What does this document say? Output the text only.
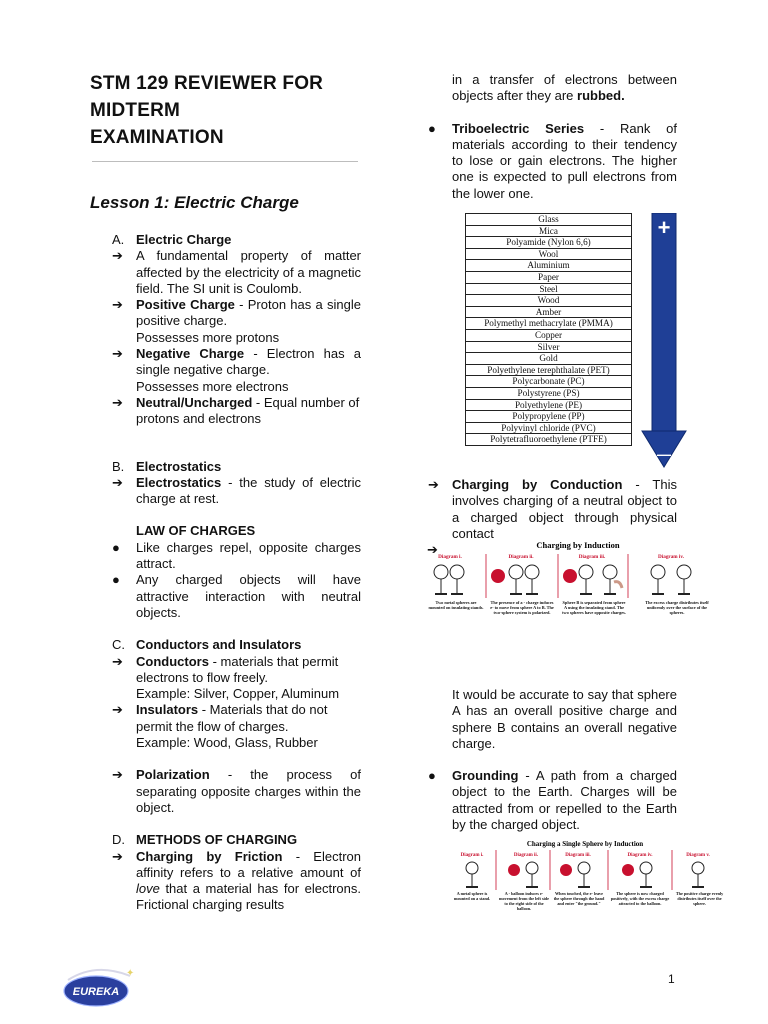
STM 129 REVIEWER FOR
MIDTERM
EXAMINATION
Lesson 1: Electric Charge
A. Electric Charge
➔	A fundamental property of matter affected by the electricity of a magnetic field. The SI unit is Coulomb.
➔	Positive Charge - Proton has a single positive charge.
Possesses more protons
➔	Negative Charge - Electron has a single negative charge.
Possesses more electrons
➔	Neutral/Uncharged - Equal number of protons and electrons
B. Electrostatics
➔	Electrostatics - the study of electric charge at rest.
LAW OF CHARGES
●	Like charges repel, opposite charges attract.
●	Any charged objects will have attractive interaction with neutral objects.
C. Conductors and Insulators
➔	Conductors - materials that permit electrons to flow freely.
Example: Silver, Copper, Aluminum
➔	Insulators - Materials that do not permit the flow of charges.
Example: Wood, Glass, Rubber
➔	Polarization - the process of separating opposite charges within the object.
D. METHODS OF CHARGING
➔	Charging by Friction - Electron affinity refers to a relative amount of love that a material has for electrons. Frictional charging results
in a transfer of electrons between objects after they are rubbed.
●	Triboelectric Series - Rank of materials according to their tendency to lose or gain electrons. The higher one is expected to pull electrons from the lower one.
Glass
Mica
Polyamide (Nylon 6,6)
Wool
Aluminium
Paper
Steel
Wood
Amber
Polymethyl methacrylate (PMMA)
Copper
Silver
Gold
Polyethylene terephthalate (PET)
Polycarbonate (PC)
Polystyrene (PS)
Polyethylene (PE)
Polypropylene (PP)
Polyvinyl chloride (PVC)
Polytetrafluoroethylene (PTFE)
+
—
➔	Charging by Conduction - This involves charging of a neutral object to a charged object through physical contact
➔	Charging by Induction
Diagram i.	Diagram ii.	Diagram iii.	Diagram iv.
Two metal spheres are mounted on insulating stands.
The presence of a - charge induces e- to move from sphere A to B. The two-sphere system is polarized.
Sphere B is separated from sphere A using the insulating stand. The two spheres have opposite charges.
The excess charge distributes itself uniformly over the surface of the spheres.
It would be accurate to say that sphere A has an overall positive charge and sphere B contains an overall negative charge.
●	Grounding - A path from a charged object to the Earth. Charges will be attracted from or repelled to the Earth by the charged object.
Charging a Single Sphere by Induction
Diagram i.	Diagram ii.	Diagram iii.	Diagram iv.	Diagram v.
A metal sphere is mounted on a stand.
A - balloon induces e- movement from the left side to the right side of the balloon.
When touched, the e- leave the sphere through the hand and enter "the ground."
The sphere is now charged positively, with the excess charge attracted to the balloon.
The positive charge evenly distributes itself over the sphere.
EUREKA
✦	1
